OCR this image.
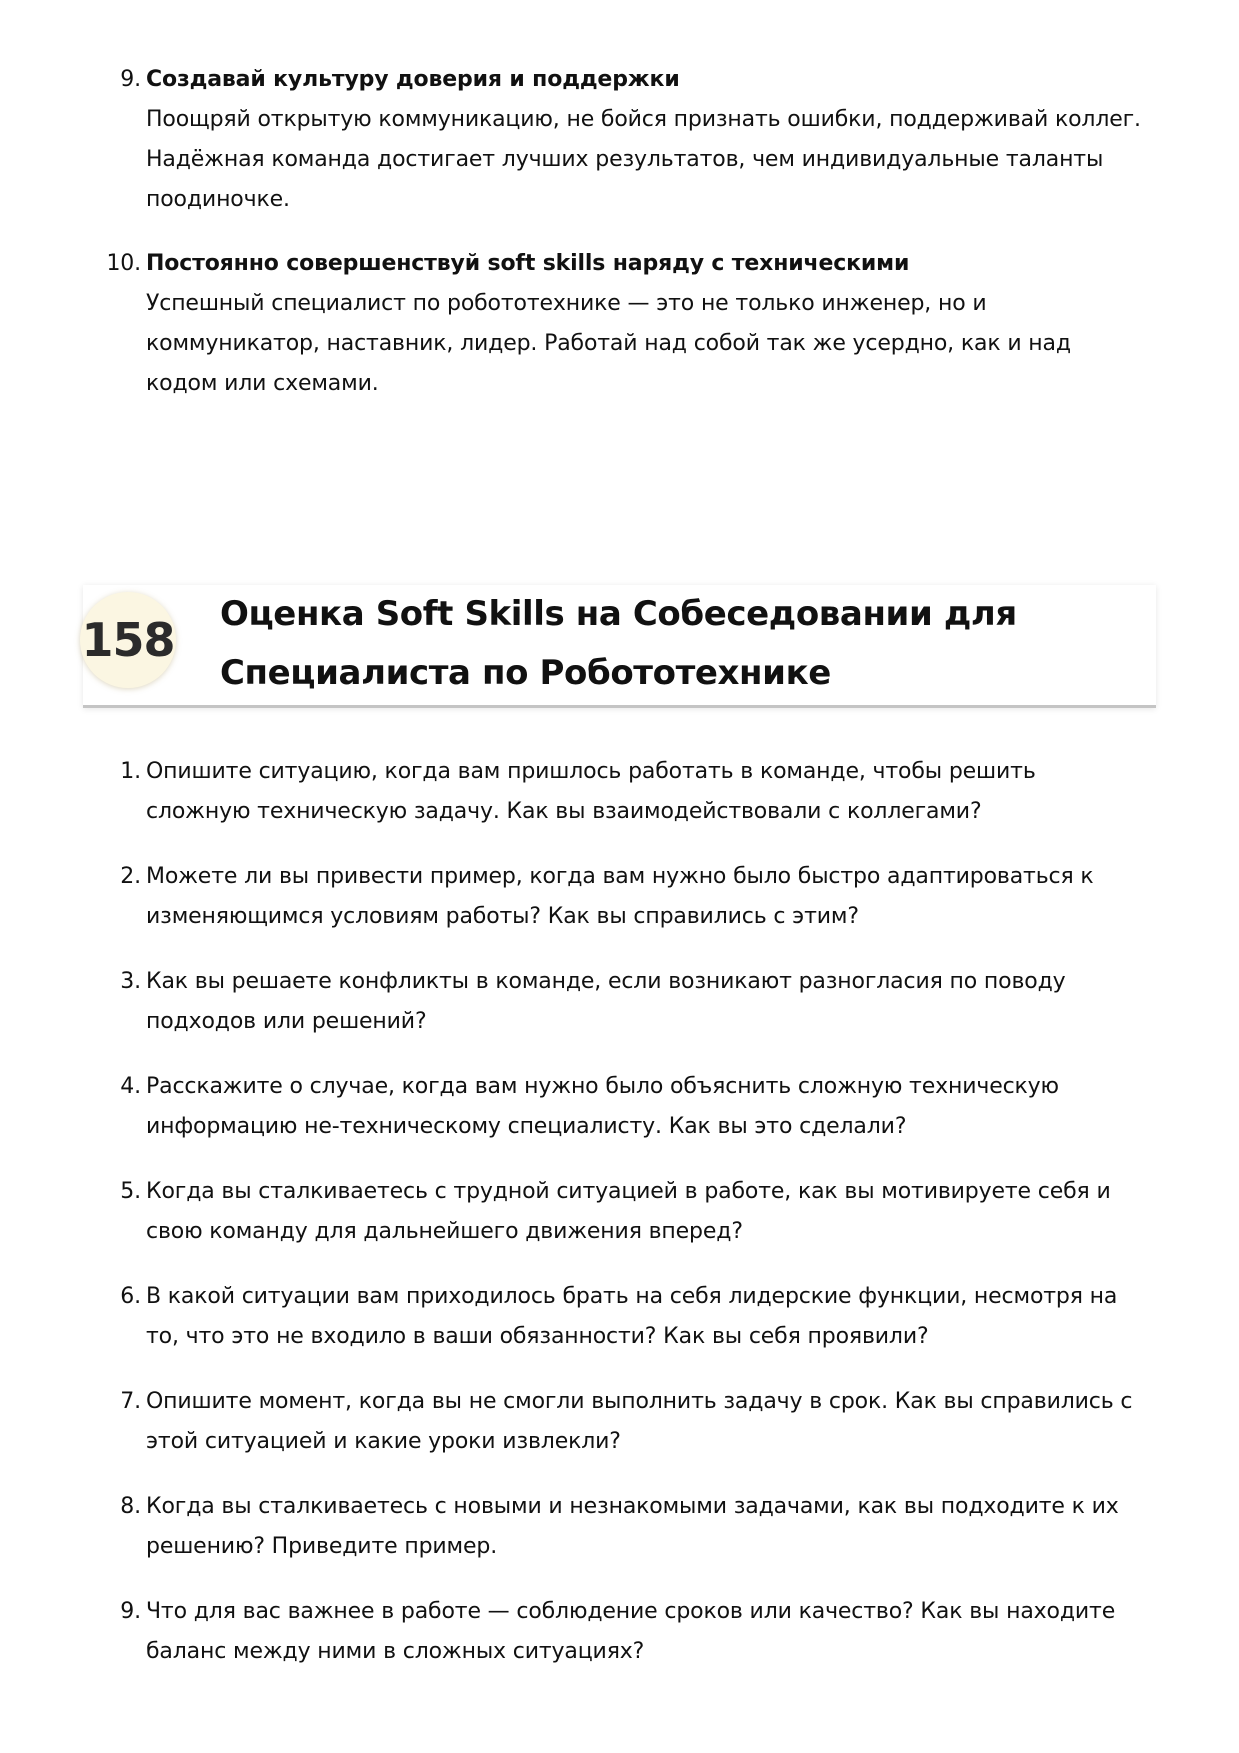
9. Создавай культуру доверия и поддержки
Поощряй открытую коммуникацию, не бойся признать ошибки, поддерживай коллег. Надёжная команда достигает лучших результатов, чем индивидуальные таланты поодиночке.
10. Постоянно совершенствуй soft skills наряду с техническими
Успешный специалист по робототехнике — это не только инженер, но и коммуникатор, наставник, лидер. Работай над собой так же усердно, как и над кодом или схемами.
158 Оценка Soft Skills на Собеседовании для Специалиста по Робототехнике
1. Опишите ситуацию, когда вам пришлось работать в команде, чтобы решить сложную техническую задачу. Как вы взаимодействовали с коллегами?
2. Можете ли вы привести пример, когда вам нужно было быстро адаптироваться к изменяющимся условиям работы? Как вы справились с этим?
3. Как вы решаете конфликты в команде, если возникают разногласия по поводу подходов или решений?
4. Расскажите о случае, когда вам нужно было объяснить сложную техническую информацию не-техническому специалисту. Как вы это сделали?
5. Когда вы сталкиваетесь с трудной ситуацией в работе, как вы мотивируете себя и свою команду для дальнейшего движения вперед?
6. В какой ситуации вам приходилось брать на себя лидерские функции, несмотря на то, что это не входило в ваши обязанности? Как вы себя проявили?
7. Опишите момент, когда вы не смогли выполнить задачу в срок. Как вы справились с этой ситуацией и какие уроки извлекли?
8. Когда вы сталкиваетесь с новыми и незнакомыми задачами, как вы подходите к их решению? Приведите пример.
9. Что для вас важнее в работе — соблюдение сроков или качество? Как вы находите баланс между ними в сложных ситуациях?
